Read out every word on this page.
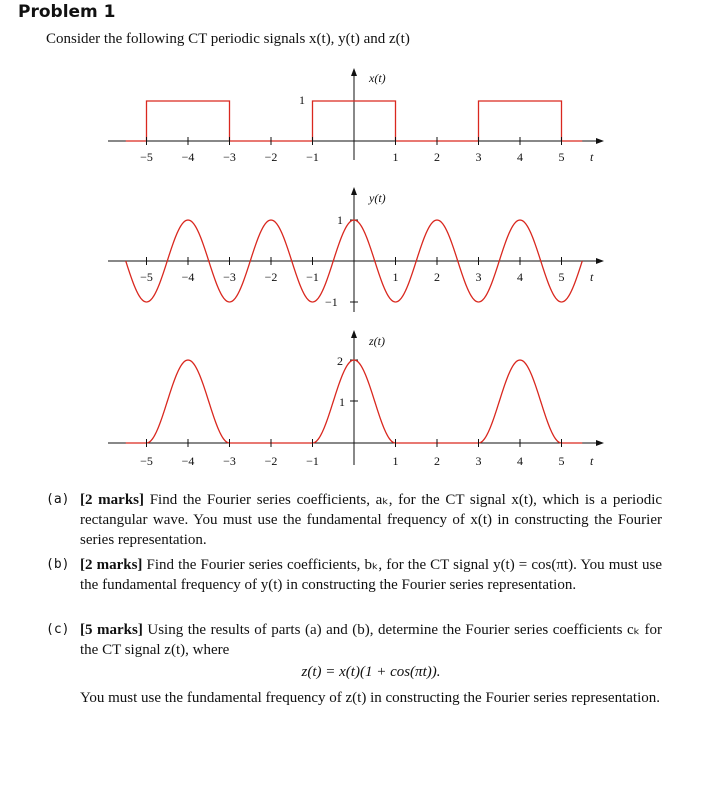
Problem 1
Consider the following CT periodic signals x(t), y(t) and z(t)
x(t)
t
1
−5 −4 −3 −2 −1	1	2	3	4	5
y(t)
t
1
−1
−5 −4 −3 −2 −1	1	2	3	4	5
z(t)
t
2
1
−5 −4 −3 −2 −1	1	2	3	4	5
(a) [2 marks] Find the Fourier series coefficients, aₖ, for the CT signal x(t), which is a periodic rectangular wave. You must use the fundamental frequency of x(t) in constructing the Fourier series representation.
(b) [2 marks] Find the Fourier series coefficients, bₖ, for the CT signal y(t) = cos(πt). You must use the fundamental frequency of y(t) in constructing the Fourier series representation.
(c) [5 marks] Using the results of parts (a) and (b), determine the Fourier series coefficients cₖ for the CT signal z(t), where
z(t) = x(t)(1 + cos(πt)).
You must use the fundamental frequency of z(t) in constructing the Fourier series representation.
